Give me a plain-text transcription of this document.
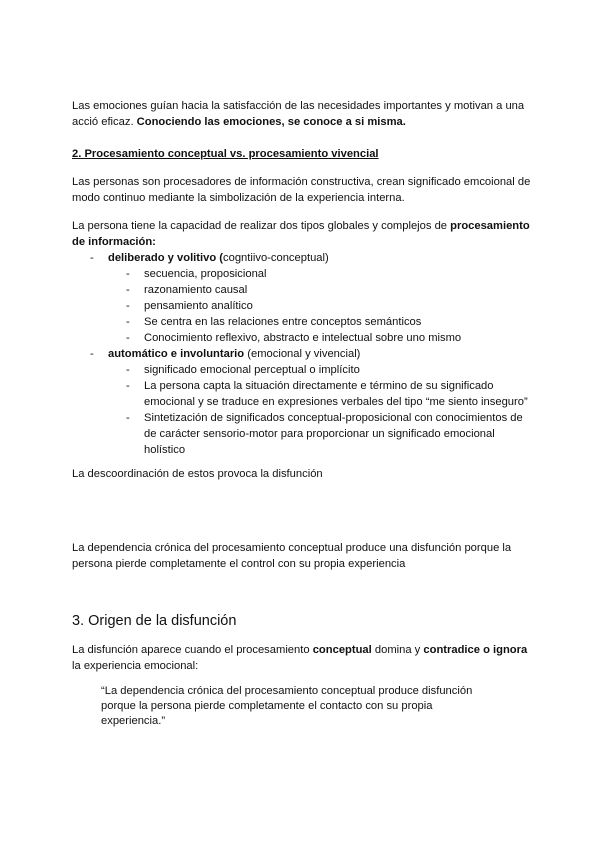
Las emociones guían hacia la satisfacción de las necesidades importantes y motivan a una
acció eficaz. Conociendo las emociones, se conoce a si misma.
2. Procesamiento conceptual vs. procesamiento vivencial
Las personas son procesadores de información constructiva, crean significado emcoional de
modo continuo mediante la simbolización de la experiencia interna.
La persona tiene la capacidad de realizar dos tipos globales y complejos de procesamiento
de información:
- deliberado y volitivo (cogntiivo-conceptual)
- secuencia, proposicional
- razonamiento causal
- pensamiento analítico
- Se centra en las relaciones entre conceptos semánticos
- Conocimiento reflexivo, abstracto e intelectual sobre uno mismo
- automático e involuntario (emocional y vivencial)
- significado emocional perceptual o implícito
- La persona capta la situación directamente e término de su significado
emocional y se traduce en expresiones verbales del tipo “me siento inseguro”
- Sintetización de significados conceptual-proposicional con conocimientos de
de carácter sensorio-motor para proporcionar un significado emocional
holístico
La descoordinación de estos provoca la disfunción
La dependencia crónica del procesamiento conceptual produce una disfunción porque la
persona pierde completamente el control con su propia experiencia
3. Origen de la disfunción
La disfunción aparece cuando el procesamiento conceptual domina y contradice o ignora
la experiencia emocional:
“La dependencia crónica del procesamiento conceptual produce disfunción
porque la persona pierde completamente el contacto con su propia
experiencia.”
